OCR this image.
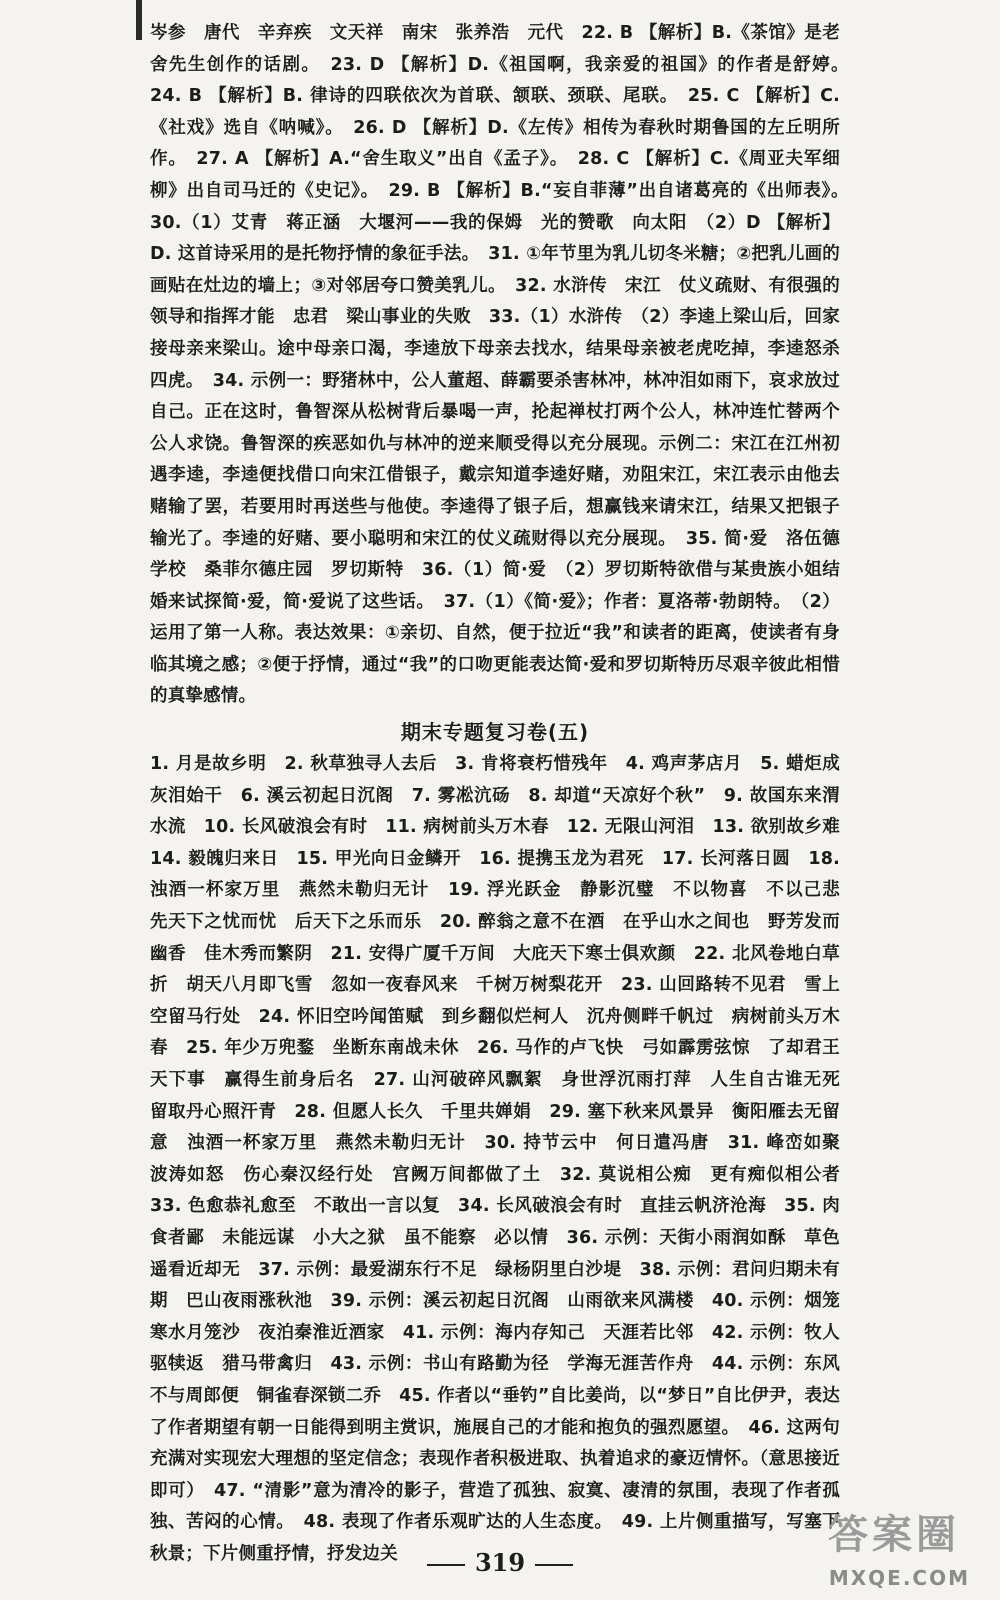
岑参　唐代　辛弃疾　文天祥　南宋　张养浩　元代　22. B 【解析】B.《茶馆》是老舍先生创作的话剧。　23. D 【解析】D.《祖国啊，我亲爱的祖国》的作者是舒婷。　24. B 【解析】B. 律诗的四联依次为首联、颔联、颈联、尾联。　25. C 【解析】C.《社戏》选自《呐喊》。　26. D 【解析】D.《左传》相传为春秋时期鲁国的左丘明所作。　27. A 【解析】A.“舍生取义”出自《孟子》。　28. C 【解析】C.《周亚夫军细柳》出自司马迁的《史记》。　29. B 【解析】B.“妄自菲薄”出自诸葛亮的《出师表》。　30.（1）艾青　蒋正涵　大堰河——我的保姆　光的赞歌　向太阳　（2）D 【解析】D. 这首诗采用的是托物抒情的象征手法。　31. ①年节里为乳儿切冬米糖；②把乳儿画的画贴在灶边的墙上；③对邻居夸口赞美乳儿。　32. 水浒传　宋江　仗义疏财、有很强的领导和指挥才能　忠君　梁山事业的失败　33.（1）水浒传　（2）李逵上梁山后，回家接母亲来梁山。途中母亲口渴，李逵放下母亲去找水，结果母亲被老虎吃掉，李逵怒杀四虎。　34. 示例一：野猪林中，公人董超、薛霸要杀害林冲，林冲泪如雨下，哀求放过自己。正在这时，鲁智深从松树背后暴喝一声，抡起禅杖打两个公人，林冲连忙替两个公人求饶。鲁智深的疾恶如仇与林冲的逆来顺受得以充分展现。示例二：宋江在江州初遇李逵，李逵便找借口向宋江借银子，戴宗知道李逵好赌，劝阻宋江，宋江表示由他去赌输了罢，若要用时再送些与他使。李逵得了银子后，想赢钱来请宋江，结果又把银子输光了。李逵的好赌、要小聪明和宋江的仗义疏财得以充分展现。　35. 简·爱　洛伍德学校　桑菲尔德庄园　罗切斯特　36.（1）简·爱　（2）罗切斯特欲借与某贵族小姐结婚来试探简·爱，简·爱说了这些话。　37.（1）《简·爱》；作者：夏洛蒂·勃朗特。　（2）运用了第一人称。表达效果：①亲切、自然，便于拉近“我”和读者的距离，使读者有身临其境之感；②便于抒情，通过“我”的口吻更能表达简·爱和罗切斯特历尽艰辛彼此相惜的真挚感情。

期末专题复习卷(五)

1. 月是故乡明　2. 秋草独寻人去后　3. 肯将衰朽惜残年　4. 鸡声茅店月　5. 蜡炬成灰泪始干　6. 溪云初起日沉阁　7. 雾凇沆砀　8. 却道“天凉好个秋”　9. 故国东来渭水流　10. 长风破浪会有时　11. 病树前头万木春　12. 无限山河泪　13. 欲别故乡难　14. 毅魄归来日　15. 甲光向日金鳞开　16. 提携玉龙为君死　17. 长河落日圆　18. 浊酒一杯家万里　燕然未勒归无计　19. 浮光跃金　静影沉璧　不以物喜　不以己悲　先天下之忧而忧　后天下之乐而乐　20. 醉翁之意不在酒　在乎山水之间也　野芳发而幽香　佳木秀而繁阴　21. 安得广厦千万间　大庇天下寒士俱欢颜　22. 北风卷地白草折　胡天八月即飞雪　忽如一夜春风来　千树万树梨花开　23. 山回路转不见君　雪上空留马行处　24. 怀旧空吟闻笛赋　到乡翻似烂柯人　沉舟侧畔千帆过　病树前头万木春　25. 年少万兜鍪　坐断东南战未休　26. 马作的卢飞快　弓如霹雳弦惊　了却君王天下事　赢得生前身后名　27. 山河破碎风飘絮　身世浮沉雨打萍　人生自古谁无死　留取丹心照汗青　28. 但愿人长久　千里共婵娟　29. 塞下秋来风景异　衡阳雁去无留意　浊酒一杯家万里　燕然未勒归无计　30. 持节云中　何日遣冯唐　31. 峰峦如聚　波涛如怒　伤心秦汉经行处　宫阙万间都做了土　32. 莫说相公痴　更有痴似相公者　33. 色愈恭礼愈至　不敢出一言以复　34. 长风破浪会有时　直挂云帆济沧海　35. 肉食者鄙　未能远谋　小大之狱　虽不能察　必以情　36. 示例：天街小雨润如酥　草色遥看近却无　37. 示例：最爱湖东行不足　绿杨阴里白沙堤　38. 示例：君问归期未有期　巴山夜雨涨秋池　39. 示例：溪云初起日沉阁　山雨欲来风满楼　40. 示例：烟笼寒水月笼沙　夜泊秦淮近酒家　41. 示例：海内存知己　天涯若比邻　42. 示例：牧人驱犊返　猎马带禽归　43. 示例：书山有路勤为径　学海无涯苦作舟　44. 示例：东风不与周郎便　铜雀春深锁二乔　45. 作者以“垂钓”自比姜尚，以“梦日”自比伊尹，表达了作者期望有朝一日能得到明主赏识，施展自己的才能和抱负的强烈愿望。　46. 这两句充满对实现宏大理想的坚定信念；表现作者积极进取、执着追求的豪迈情怀。（意思接近即可）　47. “清影”意为清冷的影子，营造了孤独、寂寞、凄清的氛围，表现了作者孤独、苦闷的心情。　48. 表现了作者乐观旷达的人生态度。　49. 上片侧重描写，写塞下秋景；下片侧重抒情，抒发边关	319
答案圈
MXQE.COM
